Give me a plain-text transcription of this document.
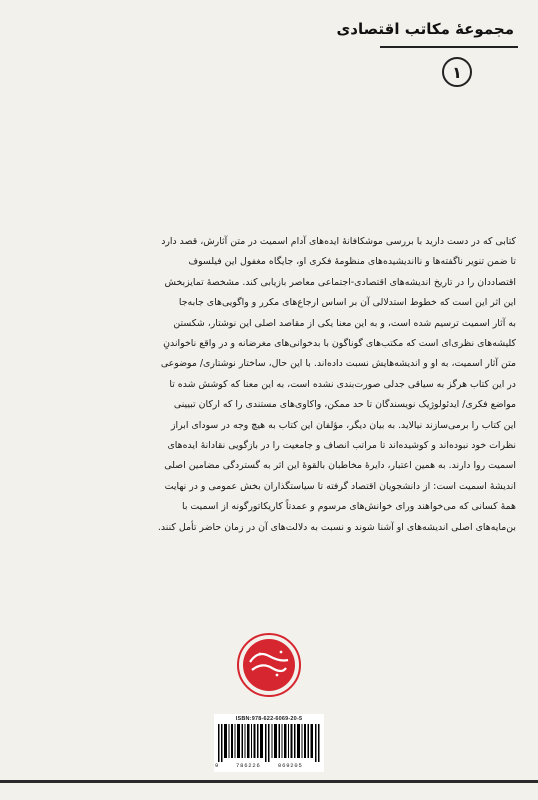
مجموعهٔ مکاتب اقتصادی
۱
کتابی که در دست دارید با بررسی موشکافانهٔ ایده‌های آدام اسمیت در متن آثارش، قصد دارد
تا ضمن تنویر ناگفته‌ها و نااندیشیده‌های منظومهٔ فکری او، جایگاه مغفول این فیلسوف
اقتصاددان را در تاریخ اندیشه‌های اقتصادی-اجتماعی معاصر بازیابی کند. مشخصهٔ تمایزبخش
این اثر این است که خطوط استدلالی آن بر اساس ارجاع‌های مکرر و واگویی‌های جابه‌جا
به آثار اسمیت ترسیم شده است، و به این معنا یکی از مقاصد اصلی این نوشتار، شکستن
کلیشه‌های نظری‌ای است که مکتب‌های گوناگون با بدخوانی‌های مغرضانه و در واقع ناخواندنِ
متن آثار اسمیت، به او و اندیشه‌هایش نسبت داده‌اند. با این حال، ساختار نوشتاری/ موضوعی
در این کتاب هرگز به سیاقی جدلی صورت‌بندی نشده است، به این معنا که کوشش شده تا
مواضع فکری/ ایدئولوژیک نویسندگان تا حد ممکن، واکاوی‌های مستندی را که ارکان تبیینی
این کتاب را برمی‌سازند نیالاید. به بیان دیگر، مؤلفان این کتاب به هیچ وجه در سودای ابراز
نظرات خود نبوده‌اند و کوشیده‌اند تا مراتب انصاف و جامعیت را در بازگویی نقادانهٔ ایده‌های
اسمیت روا دارند. به همین اعتبار، دایرهٔ مخاطبان بالقوهٔ این اثر به گستردگی مضامین اصلی
اندیشهٔ اسمیت است: از دانشجویان اقتصاد گرفته تا سیاستگذاران بخش عمومی و در نهایت
همهٔ کسانی که می‌خواهند ورای خوانش‌های مرسوم و عمدتاً کاریکاتورگونه از اسمیت با
بن‌مایه‌های اصلی اندیشه‌های او آشنا شوند و نسبت به دلالت‌های آن در زمان حاضر تأمل کنند.
ISBN:978-622-6069-20-5
9	786226	069205
